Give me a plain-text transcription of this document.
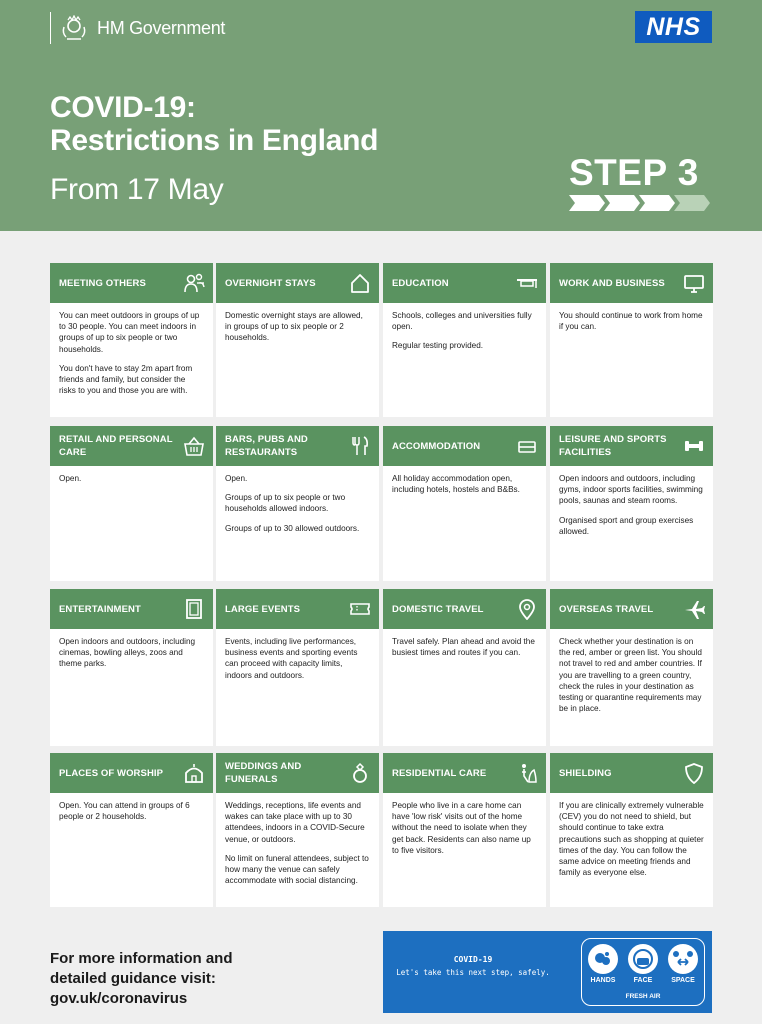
HM Government	NHS
COVID-19:
Restrictions in England
From 17 May	STEP 3
MEETING OTHERS

You can meet outdoors in groups of up to 30 people. You can meet indoors in groups of up to six people or two households.

You don't have to stay 2m apart from friends and family, but consider the risks to you and those you are with.

OVERNIGHT STAYS

Domestic overnight stays are allowed, in groups of up to six people or 2 households.

EDUCATION

Schools, colleges and universities fully open.

Regular testing provided.

WORK AND BUSINESS

You should continue to work from home if you can.

RETAIL AND PERSONAL CARE

Open.

BARS, PUBS AND RESTAURANTS

Open.

Groups of up to six people or two households allowed indoors.

Groups of up to 30 allowed outdoors.

ACCOMMODATION

All holiday accommodation open, including hotels, hostels and B&Bs.

LEISURE AND SPORTS FACILITIES

Open indoors and outdoors, including gyms, indoor sports facilities, swimming pools, saunas and steam rooms.

Organised sport and group exercises allowed.

ENTERTAINMENT

Open indoors and outdoors, including cinemas, bowling alleys, zoos and theme parks.

LARGE EVENTS

Events, including live performances, business events and sporting events can proceed with capacity limits, indoors and outdoors.

DOMESTIC TRAVEL

Travel safely. Plan ahead and avoid the busiest times and routes if you can.

OVERSEAS TRAVEL

Check whether your destination is on the red, amber or green list. You should not travel to red and amber countries. If you are travelling to a green country, check the rules in your destination as testing or quarantine requirements may be in place.

PLACES OF WORSHIP

Open. You can attend in groups of 6 people or 2 households.

WEDDINGS AND FUNERALS

Weddings, receptions, life events and wakes can take place with up to 30 attendees, indoors in a COVID-Secure venue, or outdoors.

No limit on funeral attendees, subject to how many the venue can safely accommodate with social distancing.

RESIDENTIAL CARE

People who live in a care home can have 'low risk' visits out of the home without the need to isolate when they get back. Residents can also name up to five visitors.

SHIELDING

If you are clinically extremely vulnerable (CEV) you do not need to shield, but should continue to take extra precautions such as shopping at quieter times of the day. You can follow the same advice on meeting friends and family as everyone else.

For more information and
detailed guidance visit:
gov.uk/coronavirus
COVID-19
Let's take this next step, safely.
HANDS	FACE	SPACE
FRESH AIR
